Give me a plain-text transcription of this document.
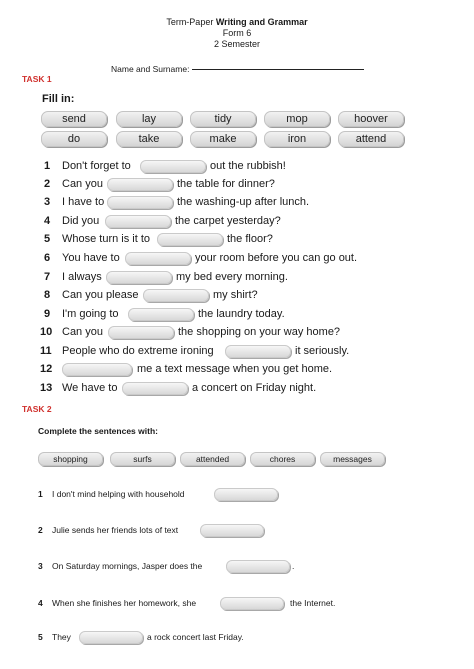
Term-Paper Writing and Grammar
Form 6
2 Semester
Name and Surname:
TASK 1
Fill in:
send	lay	tidy	mop	hoover
do	take	make	iron	attend
1 Don't forget to	out the rubbish!
2 Can you	the table for dinner?
3 I have to	the washing-up after lunch.
4 Did you	the carpet yesterday?
5 Whose turn is it to	the floor?
6 You have to	your room before you can go out.
7 I always	my bed every morning.
8 Can you please	my shirt?
9 I'm going to	the laundry today.
10 Can you	the shopping on your way home?
11 People who do extreme ironing	it seriously.
12	me a text message when you get home.
13 We have to	a concert on Friday night.
TASK 2
Complete the sentences with:
shopping	surfs	attended	chores	messages
1 I don't mind helping with household
2 Julie sends her friends lots of text
3 On Saturday mornings, Jasper does the	.
4 When she finishes her homework, she	the Internet.
5 They	a rock concert last Friday.
